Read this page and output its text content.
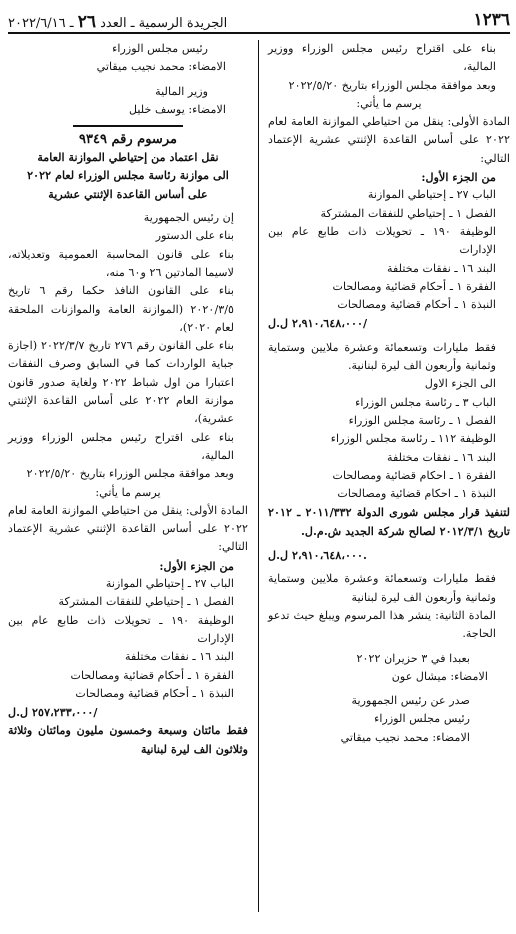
١٢٣٦
الجريدة الرسمية ـ العدد ٢٦ ـ ٢٠٢٢/٦/١٦

بناء على اقتراح رئيس مجلس الوزراء ووزير المالية،

وبعد موافقة مجلس الوزراء بتاريخ ٢٠٢٢/٥/٢٠

يرسم ما يأتي:

المادة الأولى: ينقل من احتياطي الموازنة العامة لعام ٢٠٢٢ على أساس القاعدة الإثنتي عشرية الإعتماد التالي:

من الجزء الأول:

الباب ٢٧ ـ إحتياطي الموازنة

الفصل ١ ـ إحتياطي للنفقات المشتركة

الوظيفة ١٩٠ ـ تحويلات ذات طابع عام بين الإدارات

البند ١٦ ـ نفقات مختلفة

الفقرة ١ ـ أحكام قضائية ومصالحات

النبذة ١ ـ أحكام قضائية ومصالحات

٢،٩١٠،٦٤٨،٠٠٠ ل.ل/

فقط مليارات وتسعمائة وعشرة ملايين وستماية وثمانية وأربعون الف ليرة لبنانية.

الى الجزء الاول

الباب ٣ ـ رئاسة مجلس الوزراء

الفصل ١ ـ رئاسة مجلس الوزراء

الوظيفة ١١٢ ـ رئاسة مجلس الوزراء

البند ١٦ ـ نفقات مختلفة

الفقرة ١ ـ احكام قضائية ومصالحات

النبذة ١ ـ احكام قضائية ومصالحات

لتنفيذ قرار مجلس شورى الدولة ٢٠١١/٣٣٢ ـ ٢٠١٢ تاريخ ٢٠١٢/٣/١ لصالح شركة الجديد ش.م.ل.

٢،٩١٠،٦٤٨،٠٠٠ ل.ل.

فقط مليارات وتسعمائة وعشرة ملايين وستماية وثمانية وأربعون الف ليرة لبنانية

المادة الثانية: ينشر هذا المرسوم ويبلغ حيث تدعو الحاجة.

بعبدا في ٣ حزيران ٢٠٢٢

الامضاء: ميشال عون

صدر عن رئيس الجمهورية

رئيس مجلس الوزراء

الامضاء: محمد نجيب ميقاتي

رئيس مجلس الوزراء

الامضاء: محمد نجيب ميقاتي

وزير المالية

الامضاء: يوسف خليل

مرسوم رقم ٩٣٤٩

نقل اعتماد من إحتياطي الموازنة العامة

الى موازنة رئاسة مجلس الوزراء لعام ٢٠٢٢

على أساس القاعدة الإثنتي عشرية

إن رئيس الجمهورية

بناء على الدستور

بناء على قانون المحاسبة العمومية وتعديلاته، لاسيما المادتين ٢٦ و٦٠ منه،

بناء على القانون النافذ حكما رقم ٦ تاريخ ٢٠٢٠/٣/٥ (الموازنة العامة والموازنات الملحقة لعام ٢٠٢٠)،

بناء على القانون رقم ٢٧٦ تاريخ ٢٠٢٢/٣/٧ (اجازة جباية الواردات كما في السابق وصرف النفقات اعتبارا من اول شباط ٢٠٢٢ ولغاية صدور قانون موازنة العام ٢٠٢٢ على أساس القاعدة الإثنتي عشرية)،

بناء على اقتراح رئيس مجلس الوزراء ووزير المالية،

وبعد موافقة مجلس الوزراء بتاريخ ٢٠٢٢/٥/٢٠

يرسم ما يأتي:

المادة الأولى: ينقل من احتياطي الموازنة العامة لعام ٢٠٢٢ على أساس القاعدة الإثنتي عشرية الإعتماد التالي:

من الجزء الأول:

الباب ٢٧ ـ إحتياطي الموازنة

الفصل ١ ـ إحتياطي للنفقات المشتركة

الوظيفة ١٩٠ ـ تحويلات ذات طابع عام بين الإدارات

البند ١٦ ـ نفقات مختلفة

الفقرة ١ ـ أحكام قضائية ومصالحات

النبذة ١ ـ أحكام قضائية ومصالحات

٢٥٧،٢٣٣،٠٠٠ ل.ل/

فقط مائتان وسبعة وخمسون مليون ومائتان وثلاثة وثلاثون الف ليرة لبنانية
